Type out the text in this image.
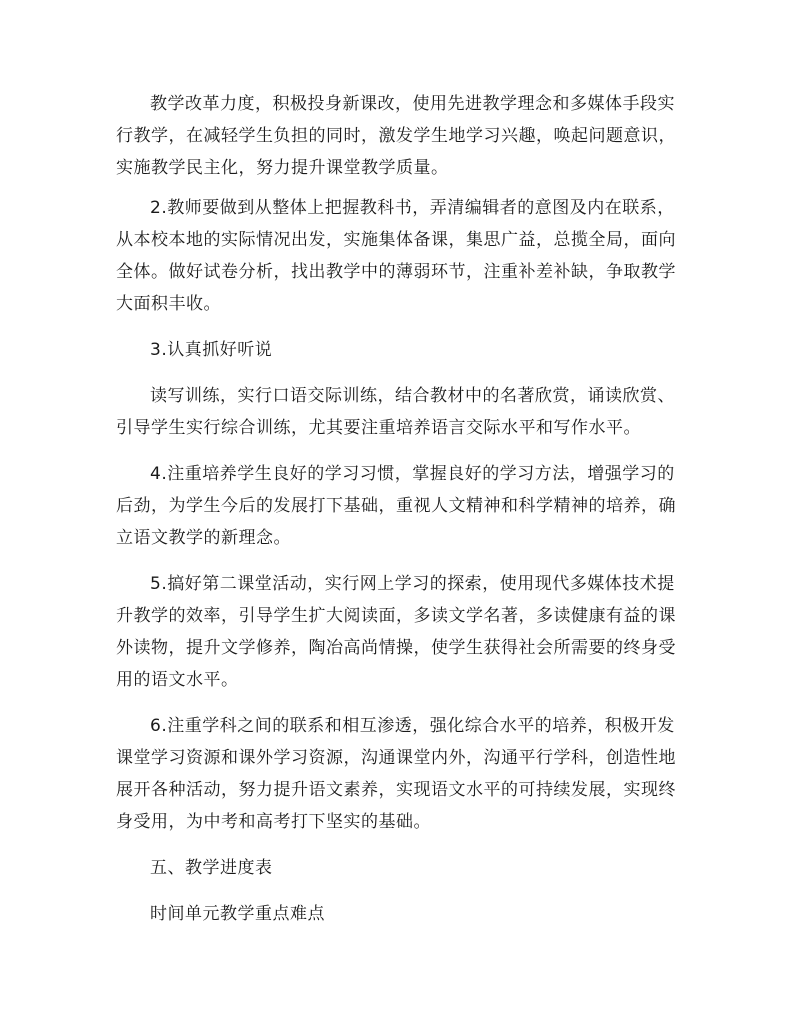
教学改革力度，积极投身新课改，使用先进教学理念和多媒体手段实行教学，在减轻学生负担的同时，激发学生地学习兴趣，唤起问题意识，实施教学民主化，努力提升课堂教学质量。

2.教师要做到从整体上把握教科书，弄清编辑者的意图及内在联系，从本校本地的实际情况出发，实施集体备课，集思广益，总揽全局，面向全体。做好试卷分析，找出教学中的薄弱环节，注重补差补缺，争取教学大面积丰收。

3.认真抓好听说

读写训练，实行口语交际训练，结合教材中的名著欣赏，诵读欣赏、引导学生实行综合训练，尤其要注重培养语言交际水平和写作水平。

4.注重培养学生良好的学习习惯，掌握良好的学习方法，增强学习的后劲，为学生今后的发展打下基础，重视人文精神和科学精神的培养，确立语文教学的新理念。

5.搞好第二课堂活动，实行网上学习的探索，使用现代多媒体技术提升教学的效率，引导学生扩大阅读面，多读文学名著，多读健康有益的课外读物，提升文学修养，陶冶高尚情操，使学生获得社会所需要的终身受用的语文水平。

6.注重学科之间的联系和相互渗透，强化综合水平的培养，积极开发课堂学习资源和课外学习资源，沟通课堂内外，沟通平行学科，创造性地展开各种活动，努力提升语文素养，实现语文水平的可持续发展，实现终身受用，为中考和高考打下坚实的基础。

五、教学进度表

时间单元教学重点难点
